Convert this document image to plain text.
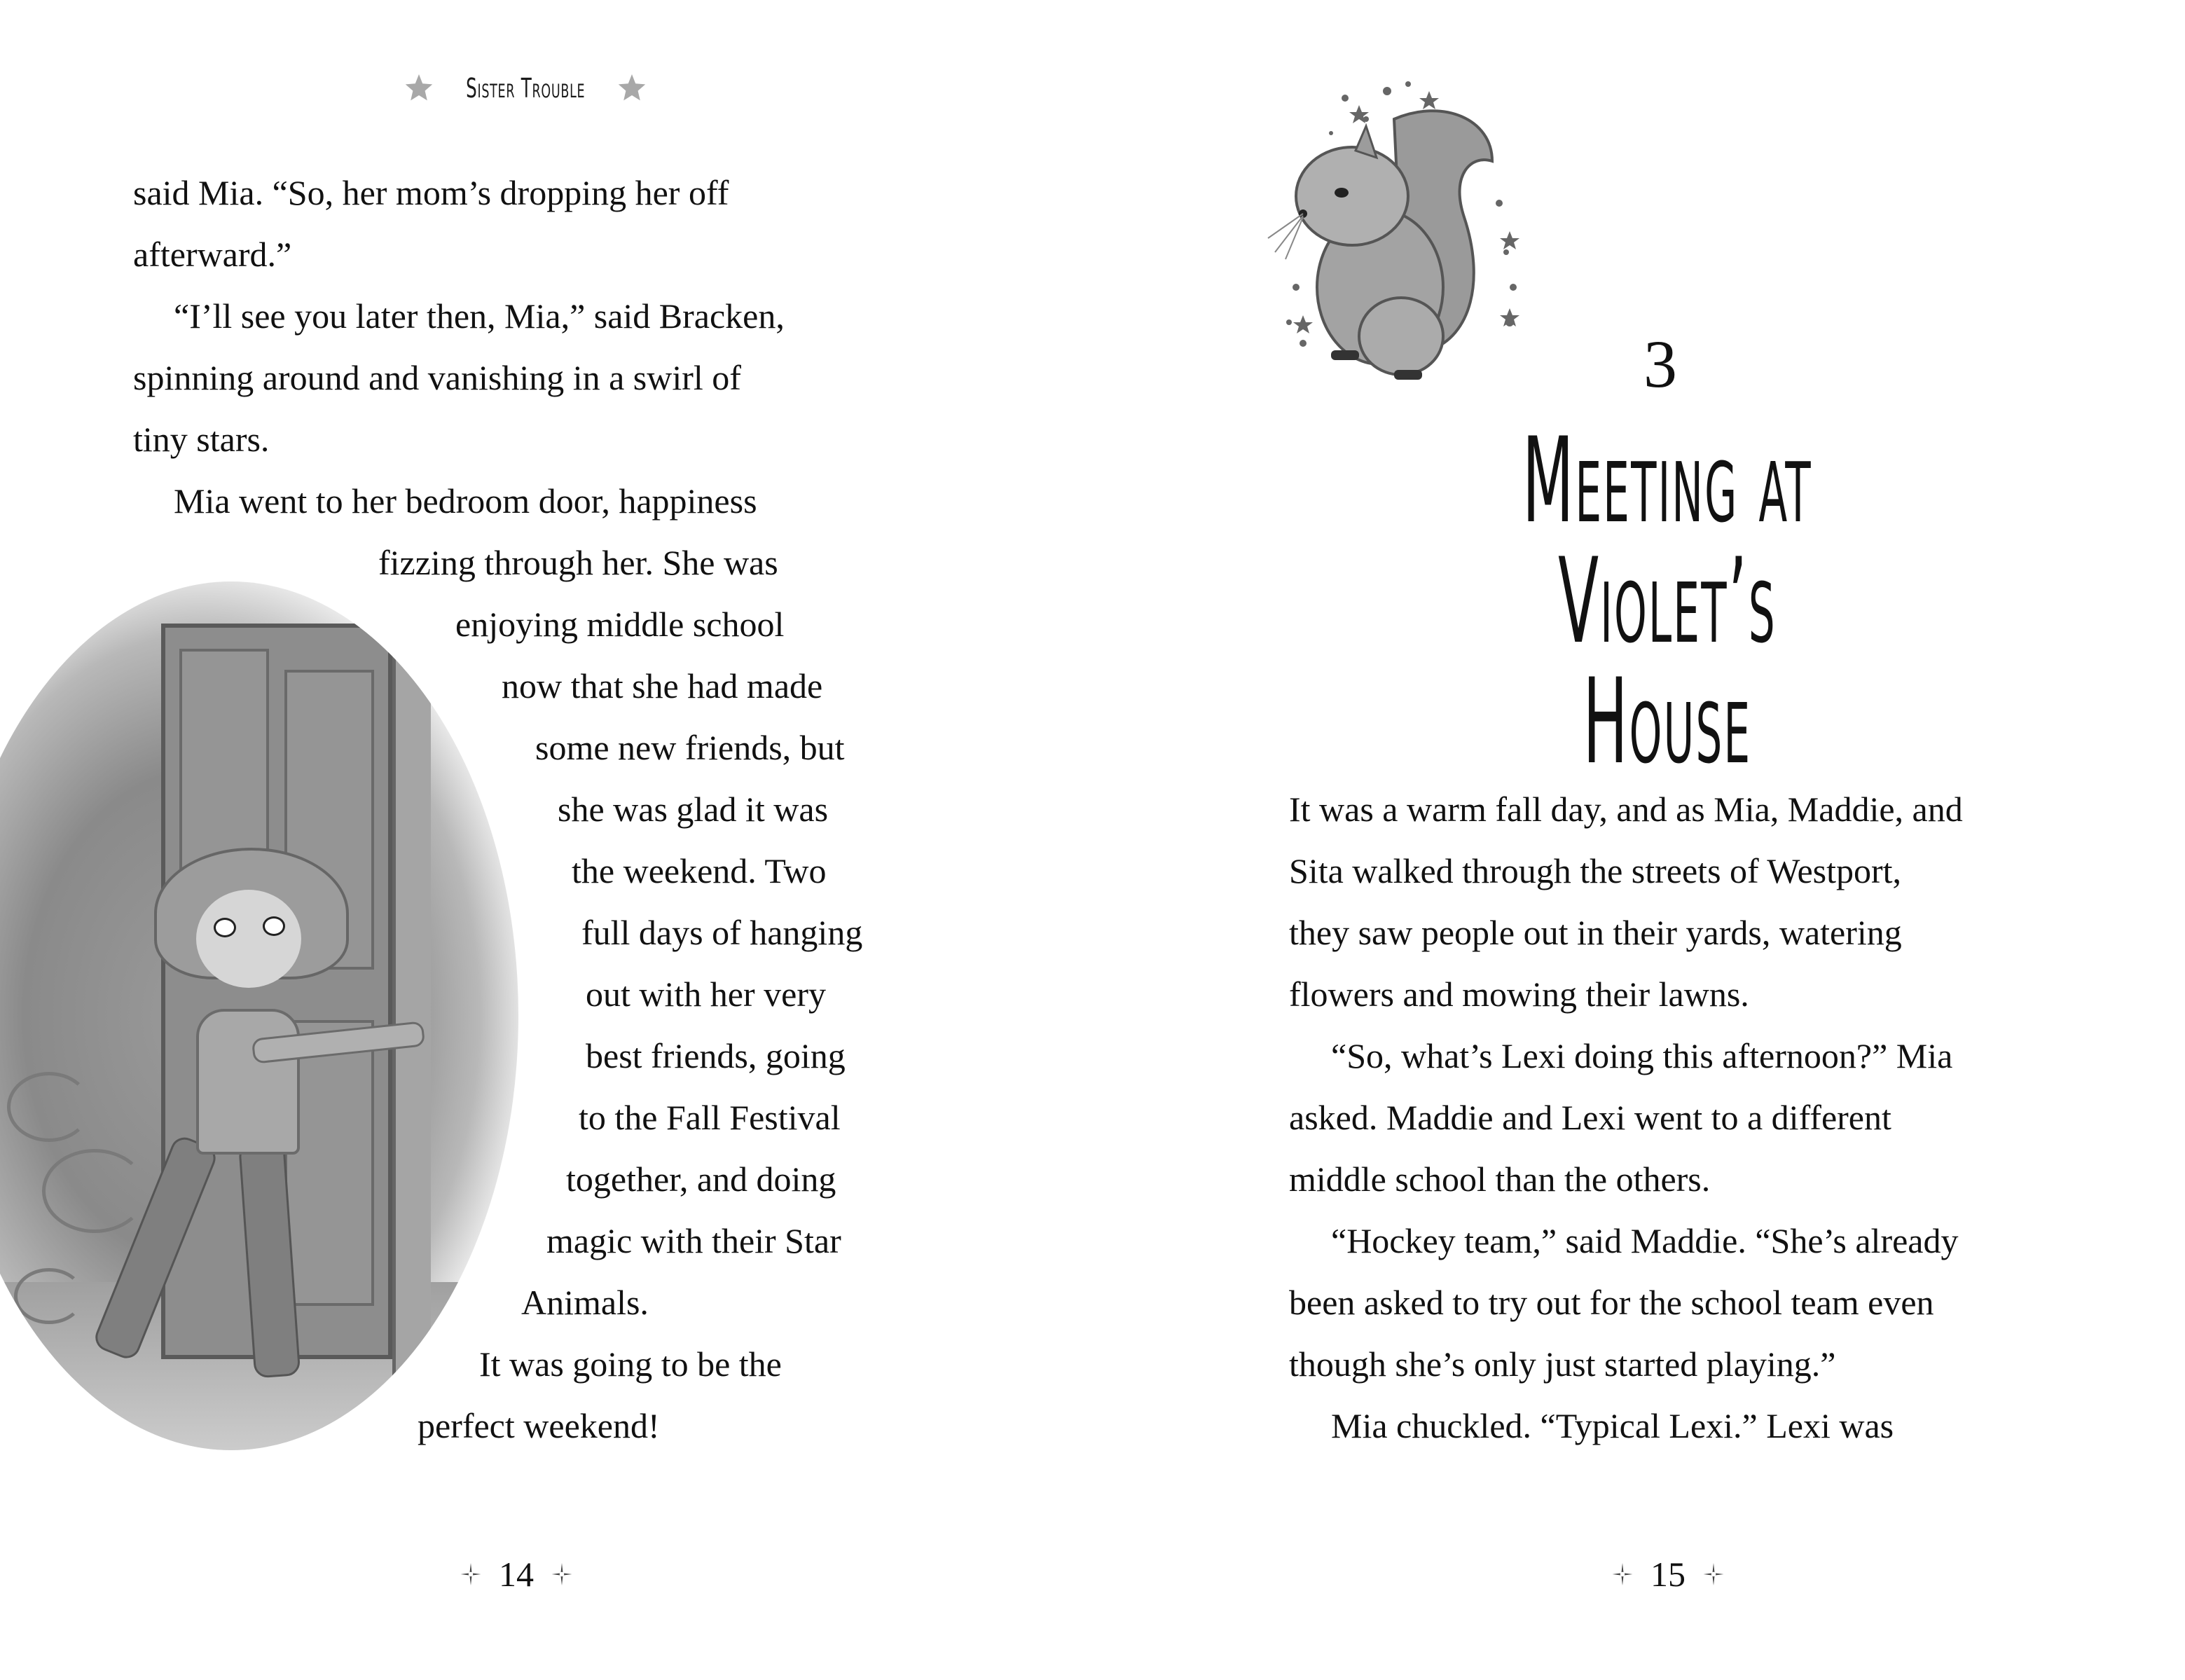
Sister Trouble
said Mia. “So, her mom’s dropping her off
afterward.”
“I’ll see you later then, Mia,” said Bracken,
spinning around and vanishing in a swirl of
tiny stars.
Mia went to her bedroom door, happiness
fizzing through her. She was
enjoying middle school
now that she had made
some new friends, but
she was glad it was
the weekend. Two
full days of hanging
out with her very
best friends, going
to the Fall Festival
together, and doing
magic with their Star
Animals.
It was going to be the
perfect weekend!
14
3
Meeting at
Violet’s House
It was a warm fall day, and as Mia, Maddie, and
Sita walked through the streets of Westport,
they saw people out in their yards, watering
flowers and mowing their lawns.
“So, what’s Lexi doing this afternoon?” Mia
asked. Maddie and Lexi went to a different
middle school than the others.
“Hockey team,” said Maddie. “She’s already
been asked to try out for the school team even
though she’s only just started playing.”
Mia chuckled. “Typical Lexi.” Lexi was
15
